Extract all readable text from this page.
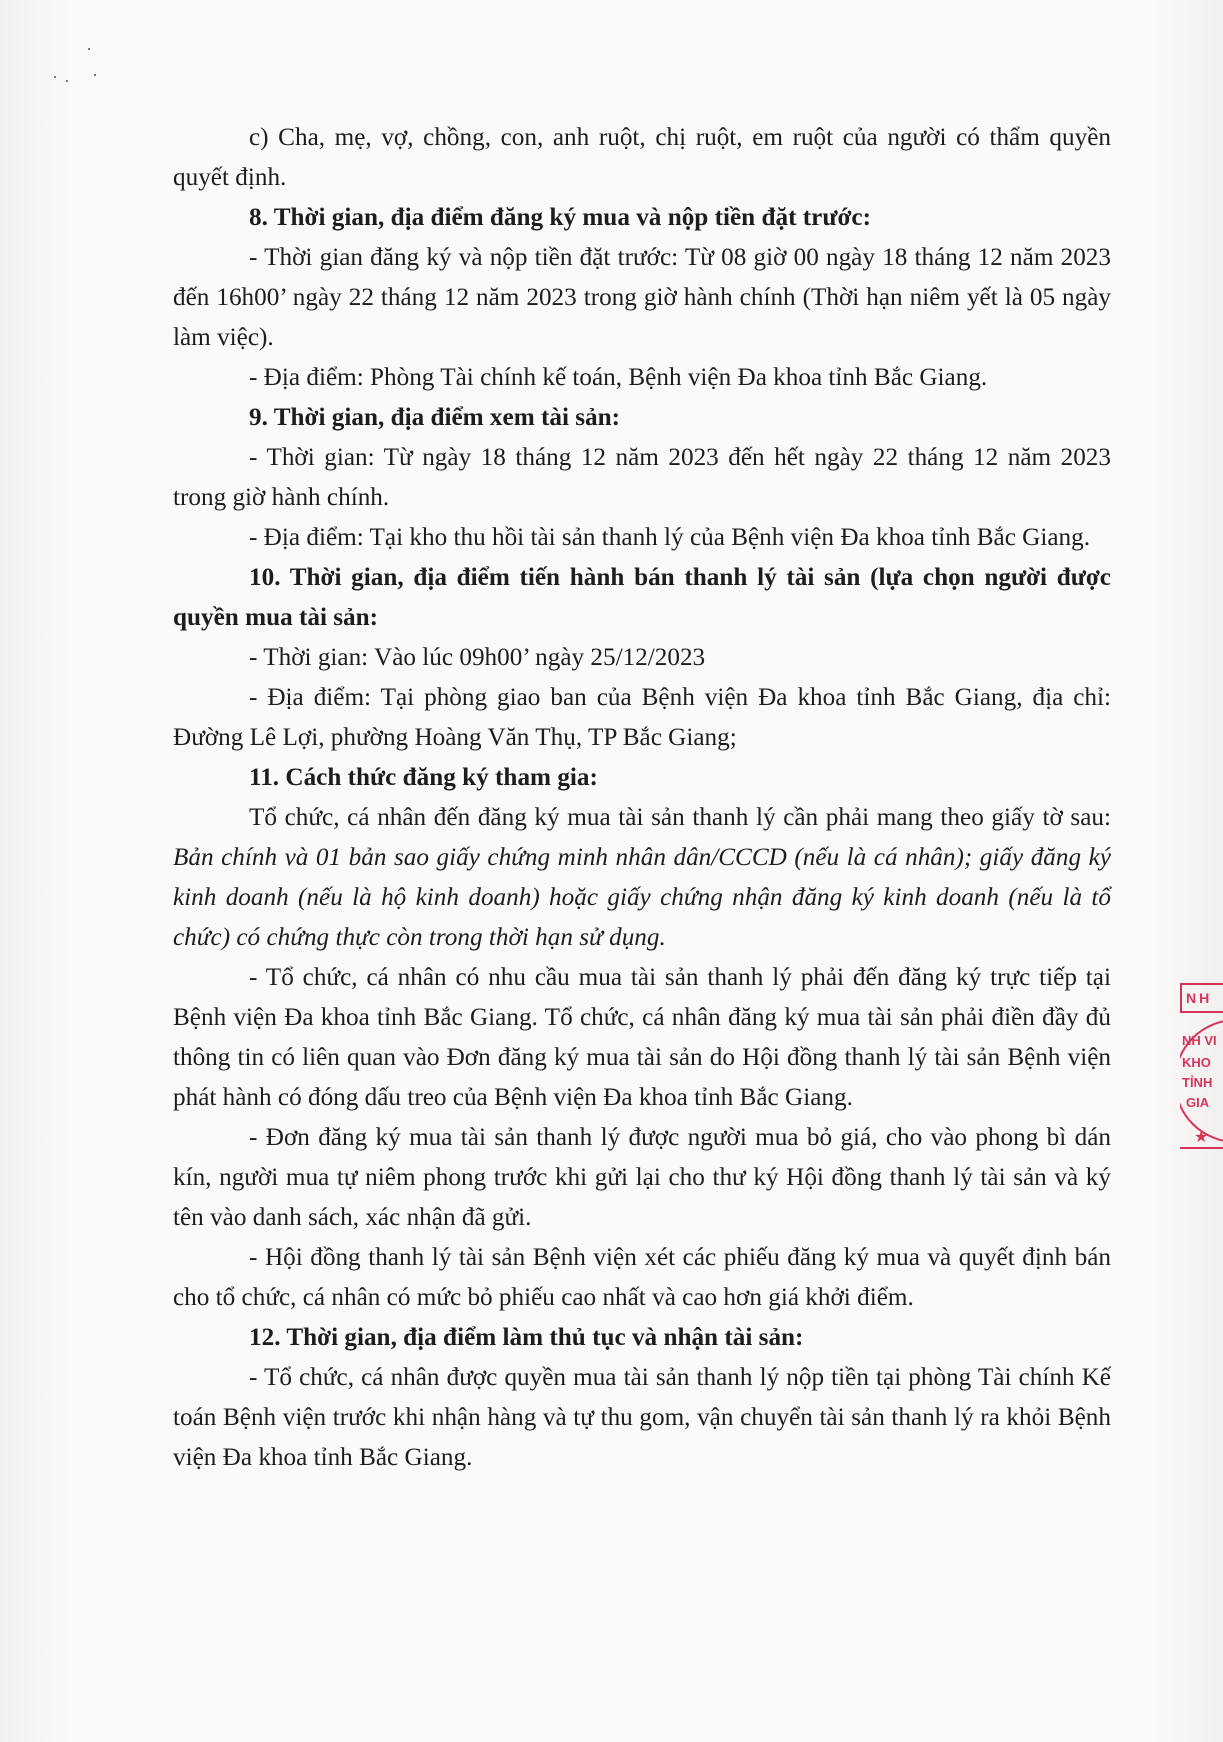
c) Cha, mẹ, vợ, chồng, con, anh ruột, chị ruột, em ruột của người có thẩm quyền quyết định.

8. Thời gian, địa điểm đăng ký mua và nộp tiền đặt trước:

- Thời gian đăng ký và nộp tiền đặt trước: Từ 08 giờ 00 ngày 18 tháng 12 năm 2023 đến 16h00’ ngày 22 tháng 12 năm 2023 trong giờ hành chính (Thời hạn niêm yết là 05 ngày làm việc).

- Địa điểm: Phòng Tài chính kế toán, Bệnh viện Đa khoa tỉnh Bắc Giang.

9. Thời gian, địa điểm xem tài sản:

- Thời gian: Từ ngày 18 tháng 12 năm 2023 đến hết ngày 22 tháng 12 năm 2023 trong giờ hành chính.

- Địa điểm: Tại kho thu hồi tài sản thanh lý của Bệnh viện Đa khoa tỉnh Bắc Giang.

10. Thời gian, địa điểm tiến hành bán thanh lý tài sản (lựa chọn người được quyền mua tài sản:

- Thời gian: Vào lúc 09h00’ ngày 25/12/2023

- Địa điểm: Tại phòng giao ban của Bệnh viện Đa khoa tỉnh Bắc Giang, địa chỉ: Đường Lê Lợi, phường Hoàng Văn Thụ, TP Bắc Giang;

11. Cách thức đăng ký tham gia:

Tổ chức, cá nhân đến đăng ký mua tài sản thanh lý cần phải mang theo giấy tờ sau: Bản chính và 01 bản sao giấy chứng minh nhân dân/CCCD (nếu là cá nhân); giấy đăng ký kinh doanh (nếu là hộ kinh doanh) hoặc giấy chứng nhận đăng ký kinh doanh (nếu là tổ chức) có chứng thực còn trong thời hạn sử dụng.

- Tổ chức, cá nhân có nhu cầu mua tài sản thanh lý phải đến đăng ký trực tiếp tại Bệnh viện Đa khoa tỉnh Bắc Giang. Tổ chức, cá nhân đăng ký mua tài sản phải điền đầy đủ thông tin có liên quan vào Đơn đăng ký mua tài sản do Hội đồng thanh lý tài sản Bệnh viện phát hành có đóng dấu treo của Bệnh viện Đa khoa tỉnh Bắc Giang.

- Đơn đăng ký mua tài sản thanh lý được người mua bỏ giá, cho vào phong bì dán kín, người mua tự niêm phong trước khi gửi lại cho thư ký Hội đồng thanh lý tài sản và ký tên vào danh sách, xác nhận đã gửi.

- Hội đồng thanh lý tài sản Bệnh viện xét các phiếu đăng ký mua và quyết định bán cho tổ chức, cá nhân có mức bỏ phiếu cao nhất và cao hơn giá khởi điểm.

12. Thời gian, địa điểm làm thủ tục và nhận tài sản:

- Tổ chức, cá nhân được quyền mua tài sản thanh lý nộp tiền tại phòng Tài chính Kế toán Bệnh viện trước khi nhận hàng và tự thu gom, vận chuyển tài sản thanh lý ra khỏi Bệnh viện Đa khoa tỉnh Bắc Giang.

NH
NH VI
KHO
TỈNH
GIA
★
